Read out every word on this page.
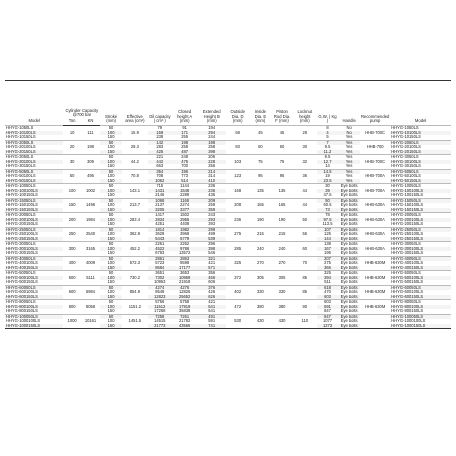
Model	Cylinder Capacity @700 bar		Stroke (mm)	Effective area (cm²)	Oil capacity ( cm³ )	Closed height A (mm)	Extended Height B (mm)	Outside Dia. D (mm)	Inside Dia. E (mm)	Piston Rod Dia. F (mm)	Locknut height (mm)	G.W. ( Kg )	Handle	Recommended pump	Model
	Ton	KN													
HHYG-1050LS	10	111	50	15.9	79	91	194	68	45	45	28	8	No	HHB-700C	HHYG-1050LS
HHYG-10100LS			100		159	171	294					4	No		HHYG-10100LS
HHYG-10150LS			150		238	255	244					5	Yes		HHYG-10150LS
HHYG-2050LS	20	198	50	28.3	142	198	198	83	60	60	30	7	Yes	HHB-700	HHYG-2050LS
HHYG-20100LS			100		283	258	258					9.5	Yes		HHYG-20100LS
HHYG-20150LS			150		425	487	398					11.2	Yes		HHYG-20150LS
HHYG-3050LS	30	309	50	44.2	221	248	206	103	75	75	32	9.5	Yes	HHB-700C	HHYG-3050LS
HHYG-30100LS			100		442	475	228					12.7	Yes		HHYG-30100LS
HHYG-30150LS			150		663	700	256					14	Yes		HHYG-30150LS
HHYG-5050LS	50	495	50	70.8	354	196	214	123	95	95	36	14.5	Yes	HHB-700A	HHYG-5050LS
HHYG-50100LS			100		708	773	314					19	Yes		HHYG-50100LS
HHYG-50150LS			150		1062	514	410					23.5	Yes		HHYG-50150LS
HHYG-10050LS	100	1002	50	143.1	715	1144	236	168	135	135	44	30	Eye bolts	HHB-700A	HHYG-10050LS
HHYG-100100LS			100		1431	1548	236					39	Eye bolts		HHYG-100100LS
HHYG-100150LS			150		2146	2289	436					47.5	Eye bolts		HHYG-100150LS
HHYG-15050LS	150	1496	50	213.7	1068	1168	209	208	165	165	44	50	Eye bolts	HHB-630A	HHYG-15050LS
HHYG-150100LS			100		2137	2274	259					60.5	Eye bolts		HHYG-150100LS
HHYG-150150LS			150		3205	3377	359					73	Eye bolts		HHYG-150150LS
HHYG-20050LS	200	1984	50	283.4	1417	1502	243	236	190	190	50	78	Eye bolts	HHB-630A	HHYG-20050LS
HHYG-200100LS			100		2834	2955	293					97.5	Eye bolts		HHYG-200100LS
HHYG-200150LS			150		4251	4408	393					113.5	Eye bolts		HHYG-200150LS
HHYG-25050LS	250	2540	50	362.9	1814	1982	299	275	215	215	56	107	Eye bolts	HHB-630A	HHYG-25050LS
HHYG-250100LS			100		3629	3968	499					125	Eye bolts		HHYG-250100LS
HHYG-250150LS			150		5443	5779	539					144	Eye bolts		HHYG-250150LS
HHYG-30050LS	300	3165	50	452.2	2261	2262	296	285	240	240	60	138	Eye bolts	HHB-630A	HHYG-30050LS
HHYG-300100LS			100		4522	9786	398					167	Eye bolts		HHYG-300100LS
HHYG-300150LS			150		6783	13572	546					196	Eye bolts		HHYG-300150LS
HHYG-40050LS	400	4009	50	572.3	2861	2863	321	325	270	270	70	207	Eye bolts	HHB-630M	HHYG-40050LS
HHYG-400100LS			100		5723	8598	421					275	Eye bolts		HHYG-400100LS
HHYG-400150LS			150		8584	17177	571					366	Eye bolts		HHYG-400150LS
HHYG-50050LS	500	5111	50	730.2	3651	3653	356	372	305	305	85	325	Eye bolts	HHB-630M	HHYG-50050LS
HHYG-500100LS			100		7302	10959	456					394	Eye bolts		HHYG-500100LS
HHYG-500150LS			150		10953	21918	606					511	Eye bolts		HHYG-500150LS
HHYG-60050LS	600	5984	50	854.9	4274	4276	376	402	330	330	85	618	Eye bolts	HHB-630M	HHYG-60050LS
HHYG-600100LS			100		8549	12826	426					470	Eye bolts		HHYG-600100LS
HHYG-600150LS			150		12823	25652	626					603	Eye bolts		HHYG-600150LS
HHYG-80050LS	800	8058	50	1151.2	5756	5758	421	472	380	380	90	603	Eye bolts	HHB-630M	HHYG-80050LS
HHYG-800100LS			100		11512	17919	541					691	Eye bolts		HHYG-800100LS
HHYG-800150LS			150		17268	35838	641					847	Eye bolts		HHYG-800150LS
HHYG-100050LS	1000	10161	50	1451.5	7258	7261	491	530	430	430	110	847	Eye bolts		HHYG-100050LS
HHYG-1000100LS			100		14515	21782	591					1077	Eye bolts		HHYG-1000100LS
HHYG-1000150LS			150		21773	43566	741					1273	Eye bolts		HHYG-1000150LS
